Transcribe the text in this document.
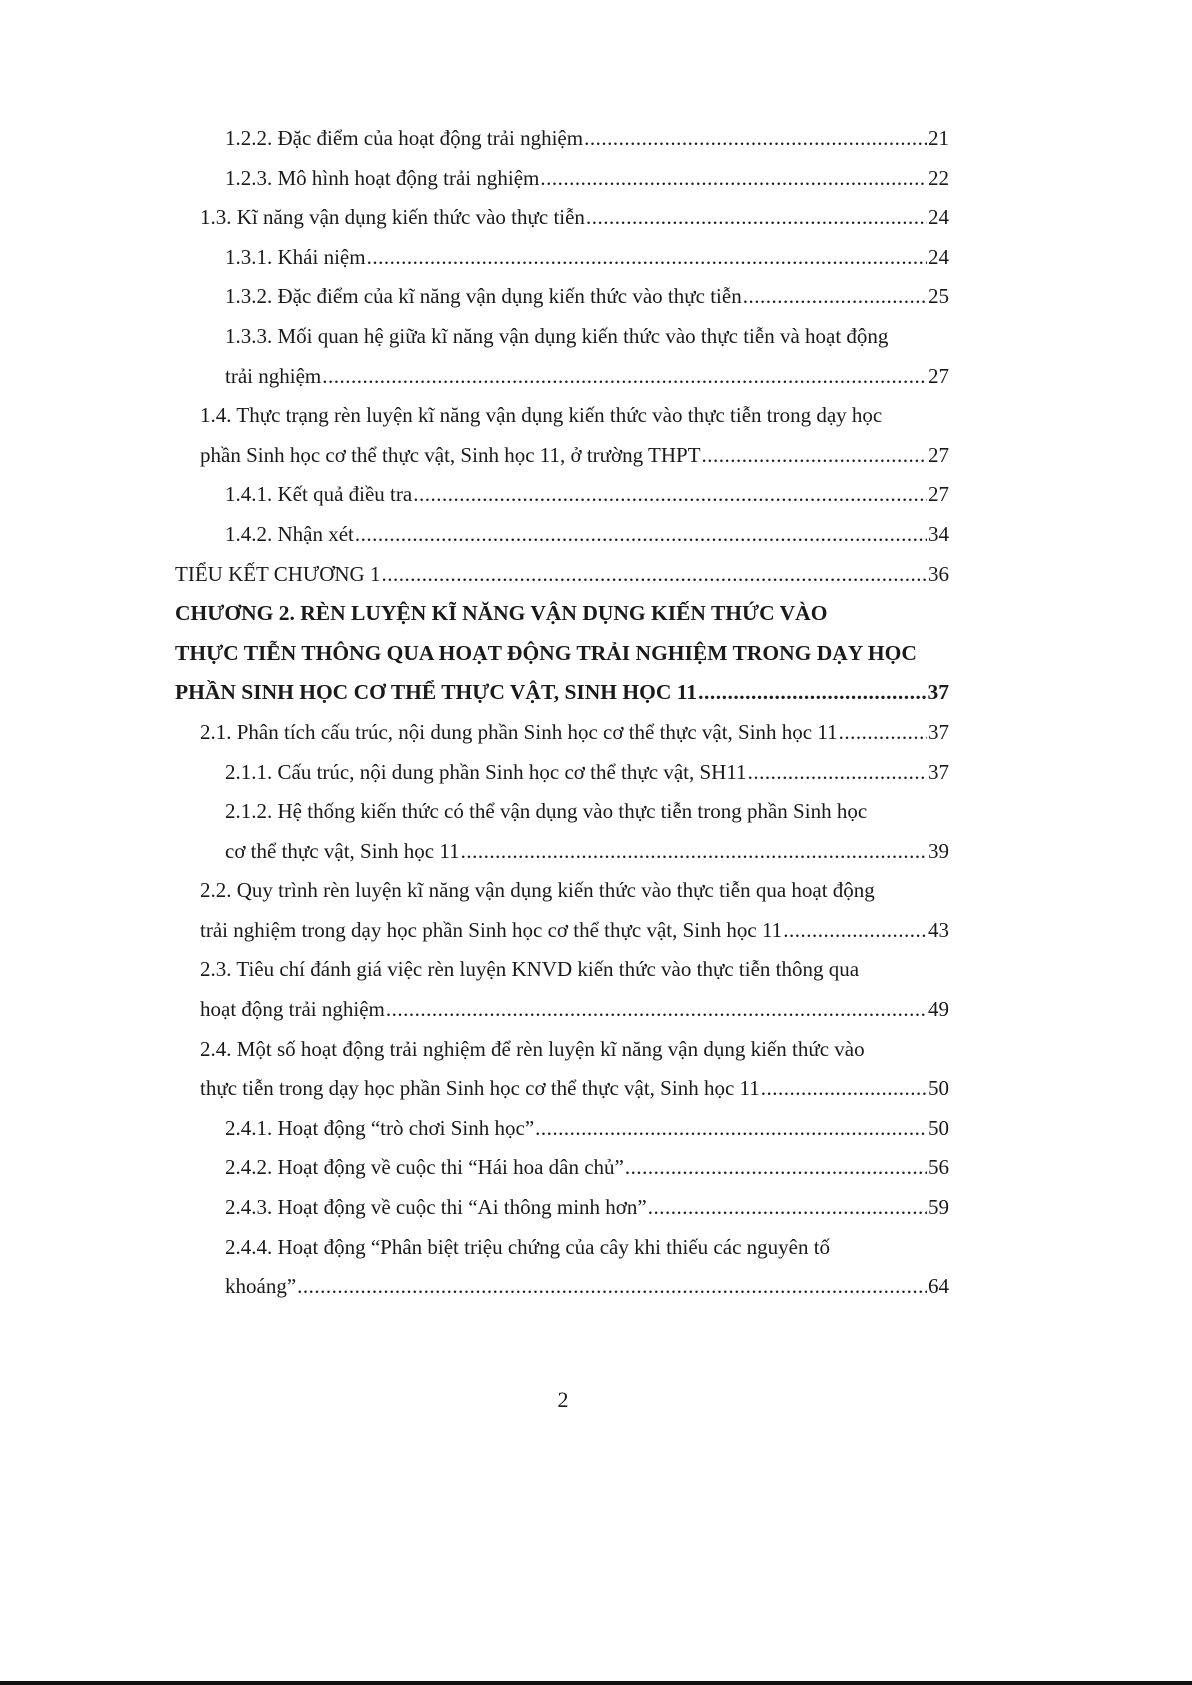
1.2.2. Đặc điểm của hoạt động trải nghiệm .....	21
1.2.3. Mô hình hoạt động trải nghiệm .....	22
1.3. Kĩ năng vận dụng kiến thức vào thực tiễn .....	24
1.3.1. Khái niệm .....	24
1.3.2. Đặc điểm của kĩ năng vận dụng kiến thức vào thực tiễn .....	25
1.3.3. Mối quan hệ giữa kĩ năng vận dụng kiến thức vào thực tiễn và hoạt động
trải nghiệm .....	27
1.4. Thực trạng rèn luyện kĩ năng vận dụng kiến thức vào thực tiễn trong dạy học
phần Sinh học cơ thể thực vật, Sinh học 11, ở trường THPT .....	27
1.4.1. Kết quả điều tra .....	27
1.4.2. Nhận xét .....	34
TIỂU KẾT CHƯƠNG 1 .....	36
CHƯƠNG 2. RÈN LUYỆN KĨ NĂNG VẬN DỤNG KIẾN THỨC VÀO
THỰC TIỄN THÔNG QUA HOẠT ĐỘNG TRẢI NGHIỆM TRONG DẠY HỌC
PHẦN SINH HỌC CƠ THỂ THỰC VẬT, SINH HỌC 11 .....	37
2.1. Phân tích cấu trúc, nội dung phần Sinh học cơ thể thực vật, Sinh học 11 .....	37
2.1.1. Cấu trúc, nội dung phần Sinh học cơ thể thực vật, SH11 .....	37
2.1.2. Hệ thống kiến thức có thể vận dụng vào thực tiễn trong phần Sinh học
cơ thể thực vật, Sinh học 11 .....	39
2.2. Quy trình rèn luyện kĩ năng vận dụng kiến thức vào thực tiễn qua hoạt động
trải nghiệm trong dạy học phần Sinh học cơ thể thực vật, Sinh học 11 .....	43
2.3. Tiêu chí đánh giá việc rèn luyện KNVD kiến thức vào thực tiễn thông qua
hoạt động trải nghiệm .....	49
2.4. Một số hoạt động trải nghiệm để rèn luyện kĩ năng vận dụng kiến thức vào
thực tiễn trong dạy học phần Sinh học cơ thể thực vật, Sinh học 11 .....	50
2.4.1. Hoạt động “trò chơi Sinh học” .....	50
2.4.2. Hoạt động về cuộc thi “Hái hoa dân chủ” .....	56
2.4.3. Hoạt động về cuộc thi “Ai thông minh hơn” .....	59
2.4.4. Hoạt động “Phân biệt triệu chứng của cây khi thiếu các nguyên tố
khoáng” .....	64
2
